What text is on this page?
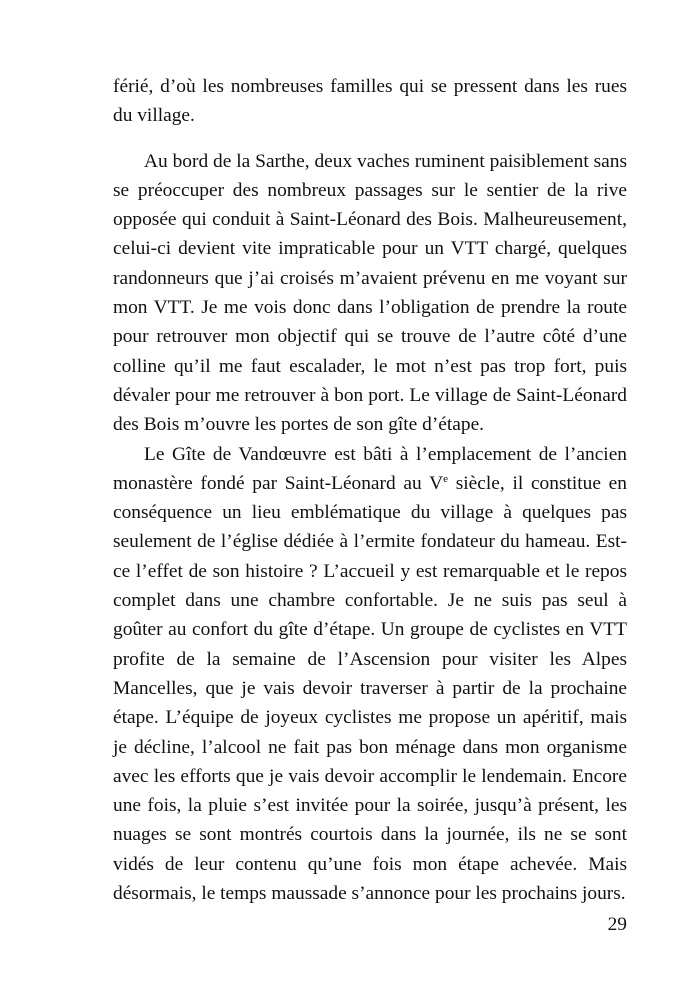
férié, d’où les nombreuses familles qui se pressent dans les rues du village.

Au bord de la Sarthe, deux vaches ruminent paisiblement sans se préoccuper des nombreux passages sur le sentier de la rive opposée qui conduit à Saint-Léonard des Bois. Malheureusement, celui-ci devient vite impraticable pour un VTT chargé, quelques randonneurs que j’ai croisés m’avaient prévenu en me voyant sur mon VTT. Je me vois donc dans l’obligation de prendre la route pour retrouver mon objectif qui se trouve de l’autre côté d’une colline qu’il me faut escalader, le mot n’est pas trop fort, puis dévaler pour me retrouver à bon port. Le village de Saint-Léonard des Bois m’ouvre les portes de son gîte d’étape.

Le Gîte de Vandœuvre est bâti à l’emplacement de l’ancien monastère fondé par Saint-Léonard au Ve siècle, il constitue en conséquence un lieu emblématique du village à quelques pas seulement de l’église dédiée à l’ermite fondateur du hameau. Est-ce l’effet de son histoire ? L’accueil y est remarquable et le repos complet dans une chambre confortable. Je ne suis pas seul à goûter au confort du gîte d’étape. Un groupe de cyclistes en VTT profite de la semaine de l’Ascension pour visiter les Alpes Mancelles, que je vais devoir traverser à partir de la prochaine étape. L’équipe de joyeux cyclistes me propose un apéritif, mais je décline, l’alcool ne fait pas bon ménage dans mon organisme avec les efforts que je vais devoir accomplir le lendemain. Encore une fois, la pluie s’est invitée pour la soirée, jusqu’à présent, les nuages se sont montrés courtois dans la journée, ils ne se sont vidés de leur contenu qu’une fois mon étape achevée. Mais désormais, le temps maussade s’annonce pour les prochains jours.

29
